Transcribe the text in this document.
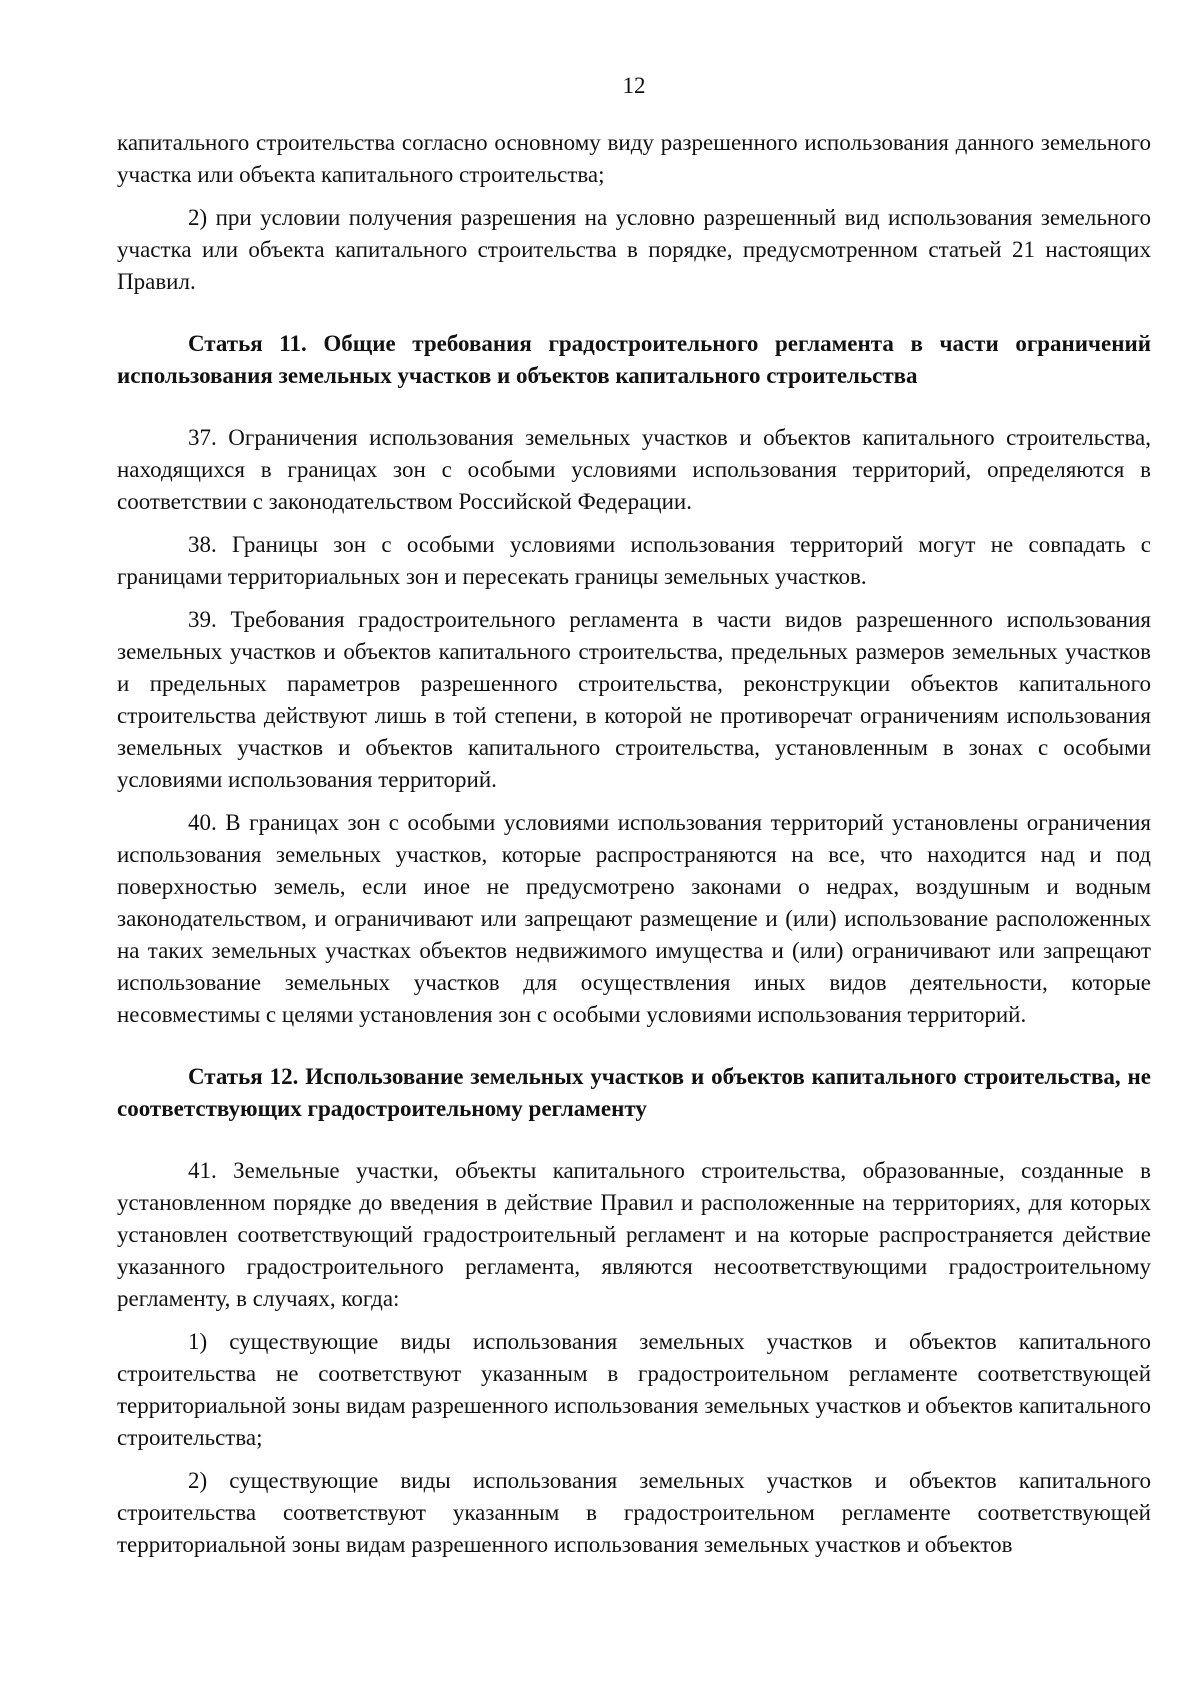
12

капитального строительства согласно основному виду разрешенного использования данного земельного участка или объекта капитального строительства;

2) при условии получения разрешения на условно разрешенный вид использования земельного участка или объекта капитального строительства в порядке, предусмотренном статьей 21 настоящих Правил.

Статья 11. Общие требования градостроительного регламента в части ограничений использования земельных участков и объектов капитального строительства

37. Ограничения использования земельных участков и объектов капитального строительства, находящихся в границах зон с особыми условиями использования территорий, определяются в соответствии с законодательством Российской Федерации.

38. Границы зон с особыми условиями использования территорий могут не совпадать с границами территориальных зон и пересекать границы земельных участков.

39. Требования градостроительного регламента в части видов разрешенного использования земельных участков и объектов капитального строительства, предельных размеров земельных участков и предельных параметров разрешенного строительства, реконструкции объектов капитального строительства действуют лишь в той степени, в которой не противоречат ограничениям использования земельных участков и объектов капитального строительства, установленным в зонах с особыми условиями использования территорий.

40. В границах зон с особыми условиями использования территорий установлены ограничения использования земельных участков, которые распространяются на все, что находится над и под поверхностью земель, если иное не предусмотрено законами о недрах, воздушным и водным законодательством, и ограничивают или запрещают размещение и (или) использование расположенных на таких земельных участках объектов недвижимого имущества и (или) ограничивают или запрещают использование земельных участков для осуществления иных видов деятельности, которые несовместимы с целями установления зон с особыми условиями использования территорий.

Статья 12. Использование земельных участков и объектов капитального строительства, не соответствующих градостроительному регламенту

41. Земельные участки, объекты капитального строительства, образованные, созданные в установленном порядке до введения в действие Правил и расположенные на территориях, для которых установлен соответствующий градостроительный регламент и на которые распространяется действие указанного градостроительного регламента, являются несоответствующими градостроительному регламенту, в случаях, когда:

1) существующие виды использования земельных участков и объектов капитального строительства не соответствуют указанным в градостроительном регламенте соответствующей территориальной зоны видам разрешенного использования земельных участков и объектов капитального строительства;

2) существующие виды использования земельных участков и объектов капитального строительства соответствуют указанным в градостроительном регламенте соответствующей территориальной зоны видам разрешенного использования земельных участков и объектов
